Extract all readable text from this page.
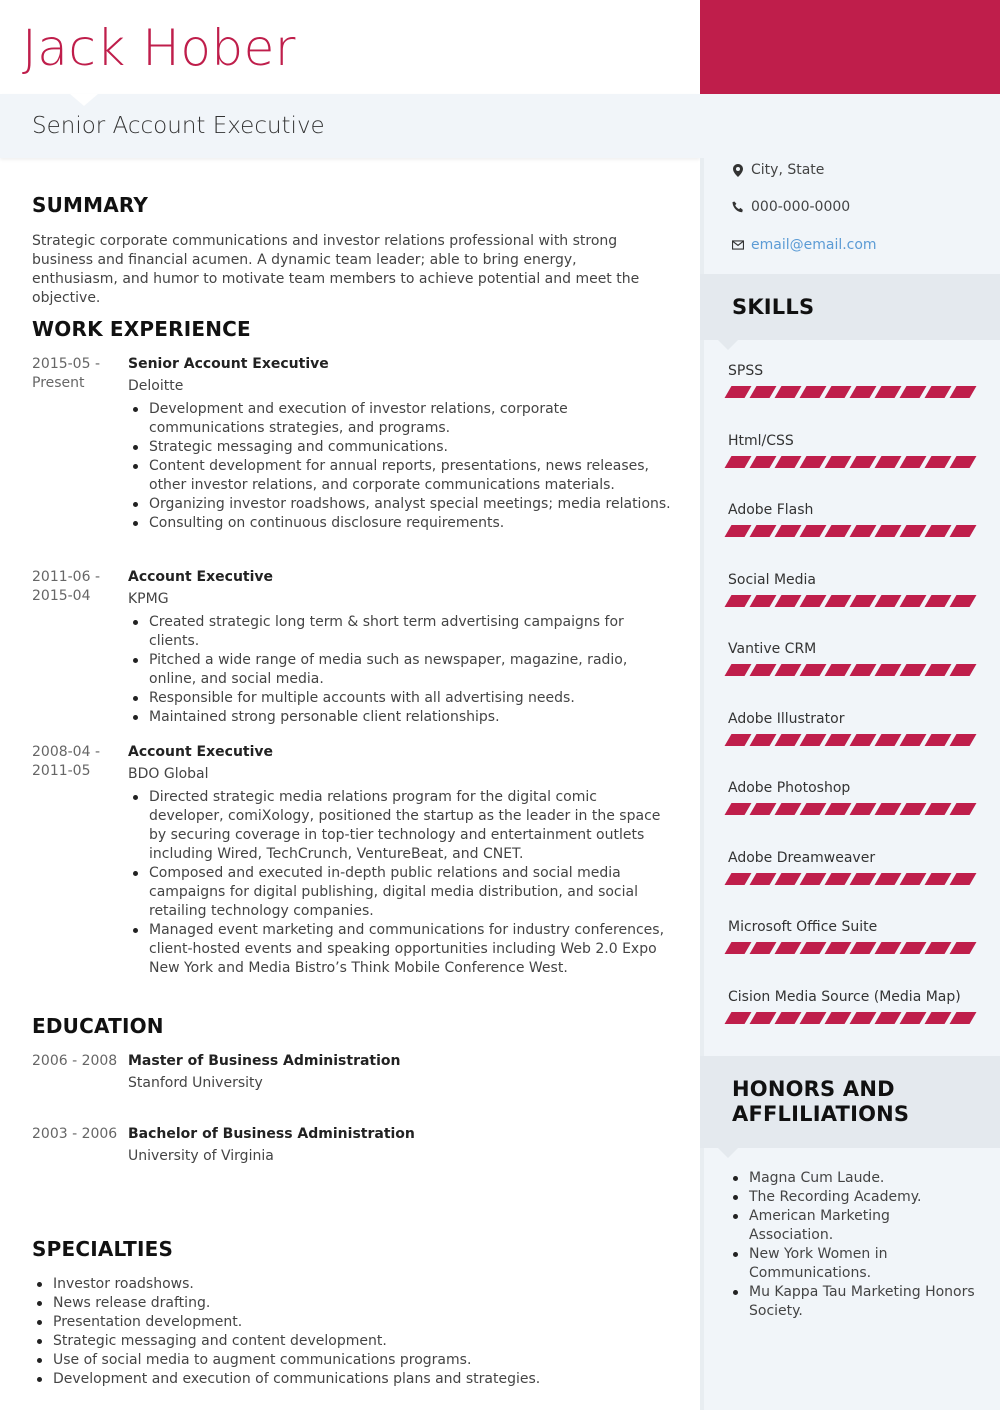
Jack Hober
Senior Account Executive
City, State
000-000-0000
email@email.com
SKILLS
SPSS
Html/CSS
Adobe Flash
Social Media
Vantive CRM
Adobe Illustrator
Adobe Photoshop
Adobe Dreamweaver
Microsoft Office Suite
Cision Media Source (Media Map)
HONORS AND
AFFLILIATIONS
Magna Cum Laude.
The Recording Academy.
American Marketing Association.
New York Women in Communications.
Mu Kappa Tau Marketing Honors Society.
SUMMARY
Strategic corporate communications and investor relations professional with strong business and financial acumen. A dynamic team leader; able to bring energy, enthusiasm, and humor to motivate team members to achieve potential and meet the objective.
WORK EXPERIENCE
2015-05 -
Present
Senior Account Executive
Deloitte
Development and execution of investor relations, corporate communications strategies, and programs.
Strategic messaging and communications.
Content development for annual reports, presentations, news releases, other investor relations, and corporate communications materials.
Organizing investor roadshows, analyst special meetings; media relations.
Consulting on continuous disclosure requirements.
2011-06 -
2015-04
Account Executive
KPMG
Created strategic long term & short term advertising campaigns for clients.
Pitched a wide range of media such as newspaper, magazine, radio, online, and social media.
Responsible for multiple accounts with all advertising needs.
Maintained strong personable client relationships.
2008-04 -
2011-05
Account Executive
BDO Global
Directed strategic media relations program for the digital comic developer, comiXology, positioned the startup as the leader in the space by securing coverage in top-tier technology and entertainment outlets including Wired, TechCrunch, VentureBeat, and CNET.
Composed and executed in-depth public relations and social media campaigns for digital publishing, digital media distribution, and social retailing technology companies.
Managed event marketing and communications for industry conferences, client-hosted events and speaking opportunities including Web 2.0 Expo New York and Media Bistro’s Think Mobile Conference West.
EDUCATION
2006 - 2008 Master of Business Administration
Stanford University
2003 - 2006 Bachelor of Business Administration
University of Virginia
SPECIALTIES
Investor roadshows.
News release drafting.
Presentation development.
Strategic messaging and content development.
Use of social media to augment communications programs.
Development and execution of communications plans and strategies.
